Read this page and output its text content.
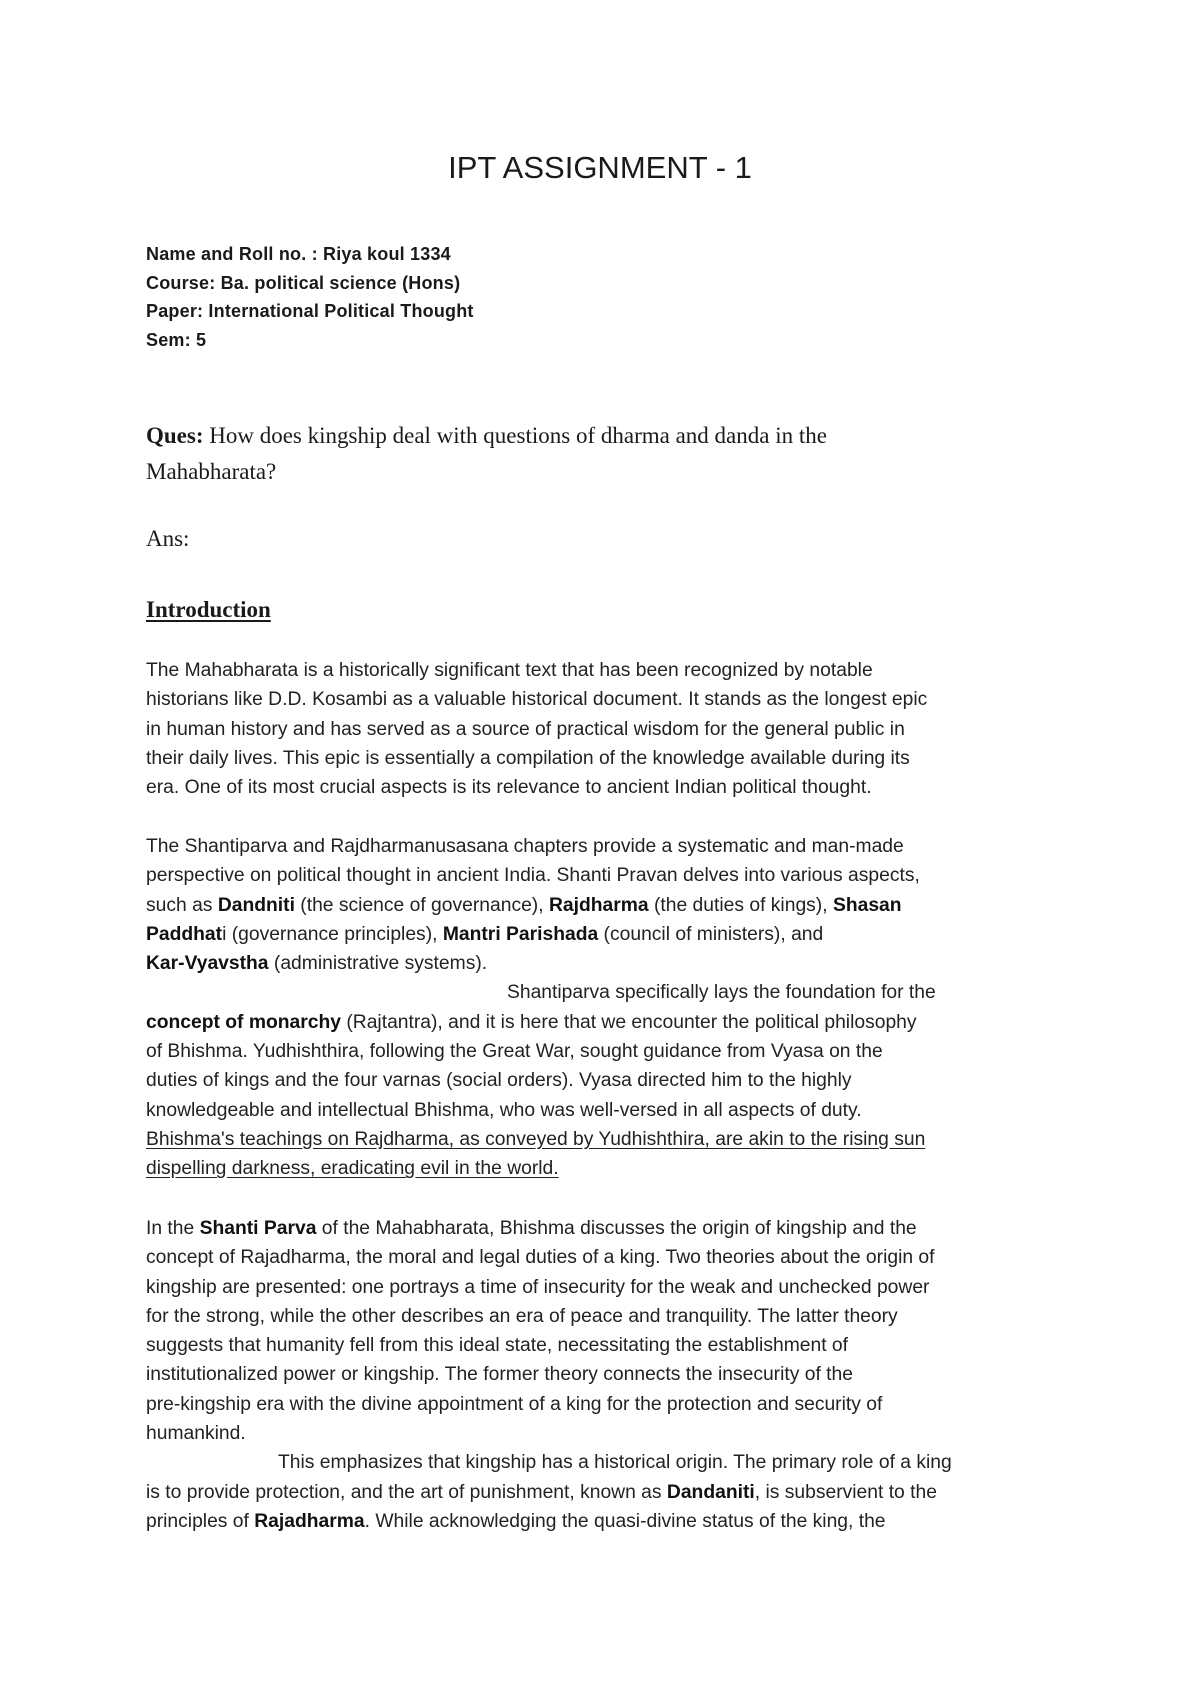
IPT ASSIGNMENT - 1
Name and Roll no. : Riya koul 1334
Course: Ba. political science (Hons)
Paper: International Political Thought
Sem: 5
Ques: How does kingship deal with questions of dharma and danda in the
Mahabharata?
Ans:
Introduction
The Mahabharata is a historically significant text that has been recognized by notable
historians like D.D. Kosambi as a valuable historical document. It stands as the longest epic
in human history and has served as a source of practical wisdom for the general public in
their daily lives. This epic is essentially a compilation of the knowledge available during its
era. One of its most crucial aspects is its relevance to ancient Indian political thought.
The Shantiparva and Rajdharmanusasana chapters provide a systematic and man-made
perspective on political thought in ancient India. Shanti Pravan delves into various aspects,
such as Dandniti (the science of governance), Rajdharma (the duties of kings), Shasan
Paddhati (governance principles), Mantri Parishada (council of ministers), and
Kar-Vyavstha (administrative systems).
Shantiparva specifically lays the foundation for the
concept of monarchy (Rajtantra), and it is here that we encounter the political philosophy
of Bhishma. Yudhishthira, following the Great War, sought guidance from Vyasa on the
duties of kings and the four varnas (social orders). Vyasa directed him to the highly
knowledgeable and intellectual Bhishma, who was well-versed in all aspects of duty.
Bhishma's teachings on Rajdharma, as conveyed by Yudhishthira, are akin to the rising sun
dispelling darkness, eradicating evil in the world.
In the Shanti Parva of the Mahabharata, Bhishma discusses the origin of kingship and the
concept of Rajadharma, the moral and legal duties of a king. Two theories about the origin of
kingship are presented: one portrays a time of insecurity for the weak and unchecked power
for the strong, while the other describes an era of peace and tranquility. The latter theory
suggests that humanity fell from this ideal state, necessitating the establishment of
institutionalized power or kingship. The former theory connects the insecurity of the
pre-kingship era with the divine appointment of a king for the protection and security of
humankind.
This emphasizes that kingship has a historical origin. The primary role of a king
is to provide protection, and the art of punishment, known as Dandaniti, is subservient to the
principles of Rajadharma. While acknowledging the quasi-divine status of the king, the
